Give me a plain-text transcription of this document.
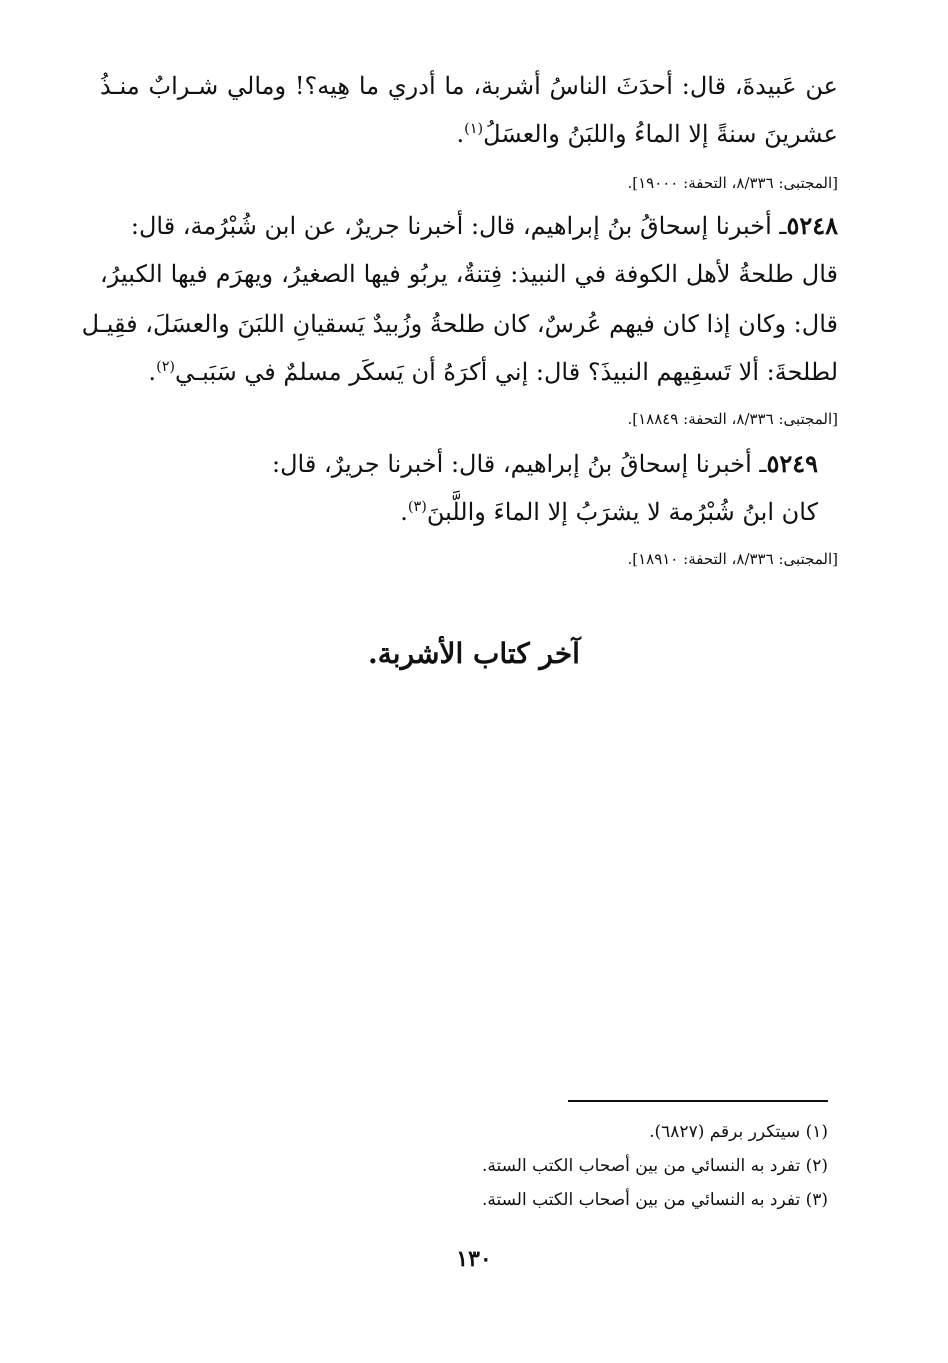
عن عَبيدةَ، قال: أحدَثَ الناسُ أشربة، ما أدري ما هِيه؟! ومالي شـرابٌ منـذُ
عشرينَ سنةً إلا الماءُ واللبَنُ والعسَلُ$^{(١)}$.
[المجتبى: ٨/٣٣٦، التحفة: ١٩٠٠٠].
٥٢٤٨ـ أخبرنا إسحاقُ بنُ إبراهيم، قال: أخبرنا جريرٌ، عن ابن شُبْرُمة، قال:
قال طلحةُ لأهل الكوفة في النبيذ: فِتنةٌ، يربُو فيها الصغيرُ، ويهرَم فيها الكبيرُ،
قال: وكان إذا كان فيهم عُرسٌ، كان طلحةُ وزُبيدٌ يَسقيانِ اللبَنَ والعسَلَ، فقِيـل
لطلحةَ: ألا تَسقِيهم النبيذَ؟ قال: إني أكرَهُ أن يَسكَر مسلمٌ في سَبَبـي$^{(٢)}$.
[المجتبى: ٨/٣٣٦، التحفة: ١٨٨٤٩].
٥٢٤٩ـ أخبرنا إسحاقُ بنُ إبراهيم، قال: أخبرنا جريرٌ، قال:
كان ابنُ شُبْرُمة لا يشرَبُ إلا الماءَ واللَّبنَ$^{(٣)}$.
[المجتبى: ٨/٣٣٦، التحفة: ١٨٩١٠].
آخر كتاب الأشربة.
(١) سيتكرر برقم (٦٨٢٧).
(٢) تفرد به النسائي من بين أصحاب الكتب الستة.
(٣) تفرد به النسائي من بين أصحاب الكتب الستة.
١٣٠
